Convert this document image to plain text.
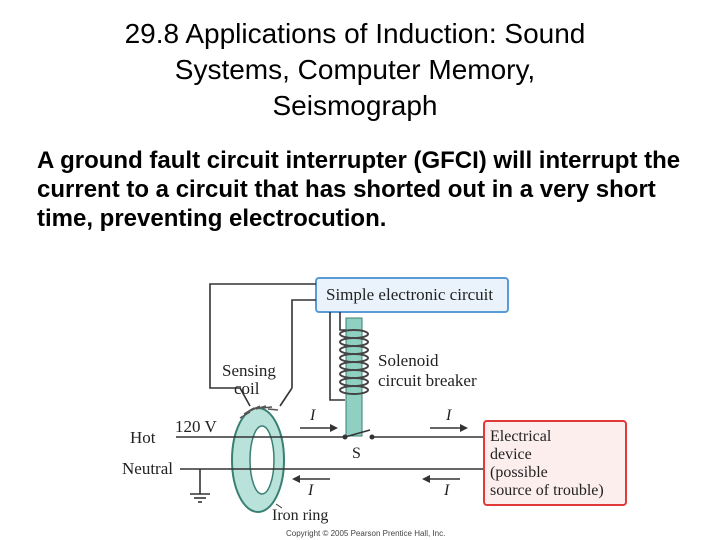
29.8 Applications of Induction: Sound
Systems, Computer Memory,
Seismograph
A ground fault circuit interrupter (GFCI) will interrupt the current to a circuit that has shorted out in a very short time, preventing electrocution.
Simple electronic circuit
Solenoid
circuit breaker
Sensing
coil
Hot
120 V
Neutral
S
I	I
I	I
Electrical
device
(possible
source of trouble)
Iron ring
Copyright © 2005 Pearson Prentice Hall, Inc.
